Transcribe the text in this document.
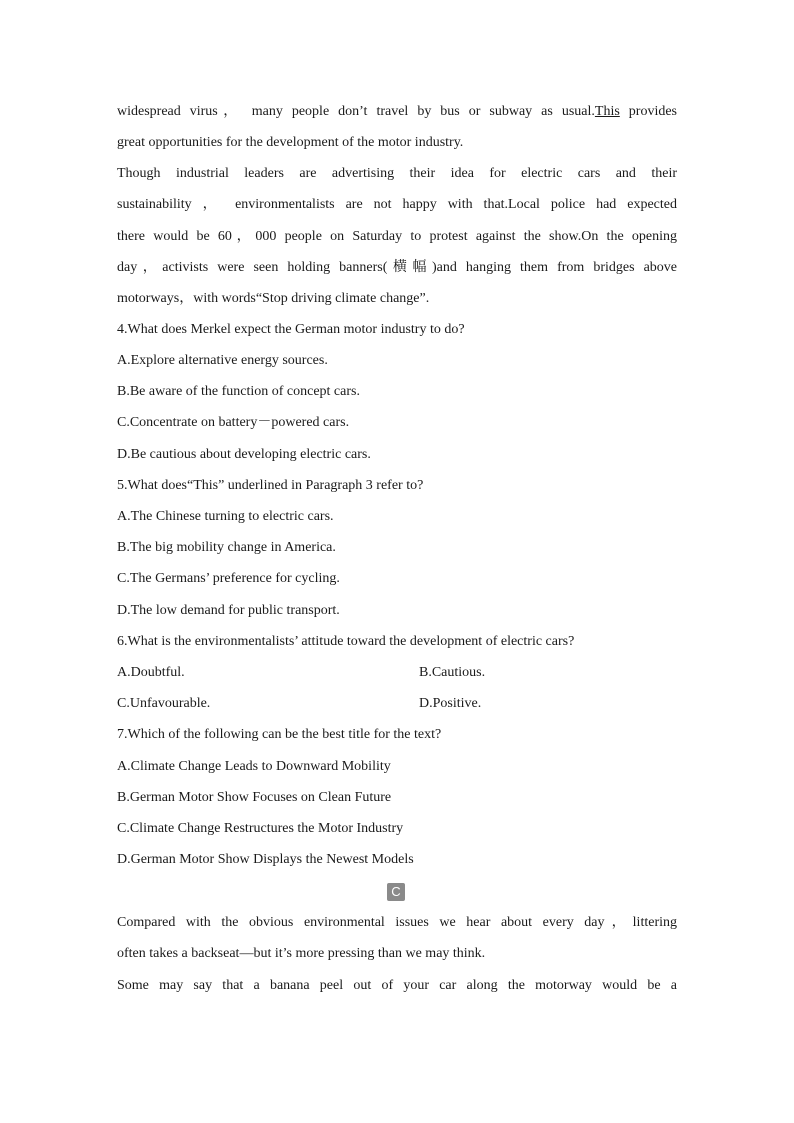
widespread virus， many people don’t travel by bus or subway as usual.This provides
great opportunities for the development of the motor industry.
Though industrial leaders are advertising their idea for electric cars and their
sustainability ， environmentalists are not happy with that.Local police had expected
there would be 60，000 people on Saturday to protest against the show.On the opening
day，activists were seen holding banners(横幅)and hanging them from bridges above
motorways，with words“Stop driving climate change”.
4.What does Merkel expect the German motor industry to do?
A.Explore alternative energy sources.
B.Be aware of the function of concept cars.
C.Concentrate on battery－powered cars.
D.Be cautious about developing electric cars.
5.What does“This” underlined in Paragraph 3 refer to?
A.The Chinese turning to electric cars.
B.The big mobility change in America.
C.The Germans’ preference for cycling.
D.The low demand for public transport.
6.What is the environmentalists’ attitude toward the development of electric cars?
A.Doubtful.	B.Cautious.
C.Unfavourable.	D.Positive.
7.Which of the following can be the best title for the text?
A.Climate Change Leads to Downward Mobility
B.German Motor Show Focuses on Clean Future
C.Climate Change Restructures the Motor Industry
D.German Motor Show Displays the Newest Models
C
Compared with the obvious environmental issues we hear about every day，littering
often takes a backseat—but it’s more pressing than we may think.
Some may say that a banana peel out of your car along the motorway would be a
